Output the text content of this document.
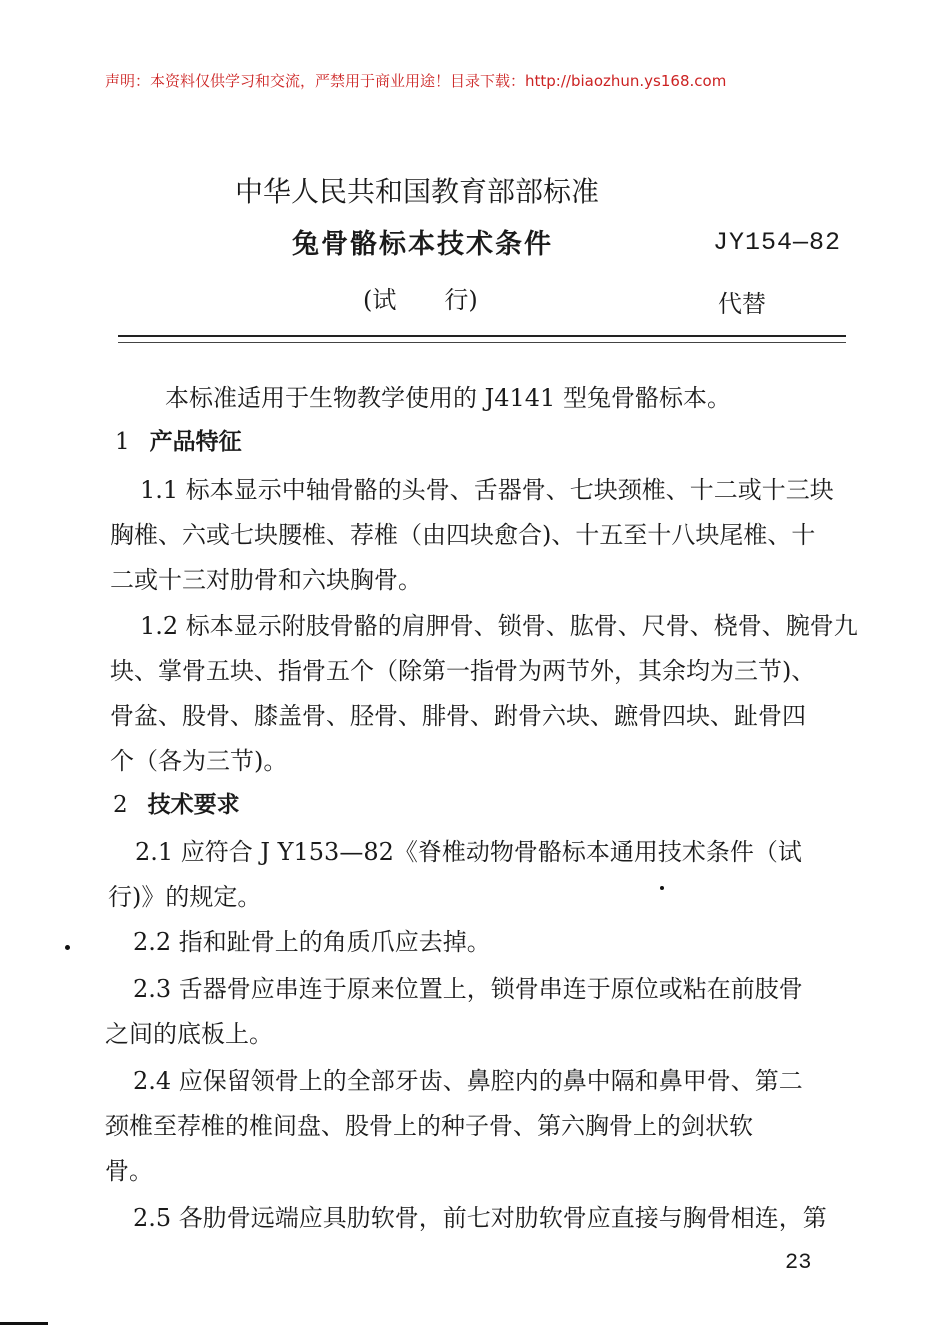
声明：本资料仅供学习和交流，严禁用于商业用途！目录下载：http://biaozhun.ys168.com
中华人民共和国教育部部标准
兔骨骼标本技术条件	JY154—82
(试 行)	代替
本标准适用于生物教学使用的 J4141 型兔骨骼标本。
1 产品特征
1.1 标本显示中轴骨骼的头骨、舌器骨、七块颈椎、十二或十三块
胸椎、六或七块腰椎、荐椎（由四块愈合)、十五至十八块尾椎、十
二或十三对肋骨和六块胸骨。
1.2 标本显示附肢骨骼的肩胛骨、锁骨、肱骨、尺骨、桡骨、腕骨九
块、掌骨五块、指骨五个（除第一指骨为两节外，其余均为三节)、
骨盆、股骨、膝盖骨、胫骨、腓骨、跗骨六块、蹠骨四块、趾骨四
个（各为三节)。
2 技术要求
2.1 应符合 J Y153—82《脊椎动物骨骼标本通用技术条件（试
行)》的规定。
2.2 指和趾骨上的角质爪应去掉。
2.3 舌器骨应串连于原来位置上，锁骨串连于原位或粘在前肢骨
之间的底板上。
2.4 应保留领骨上的全部牙齿、鼻腔内的鼻中隔和鼻甲骨、第二
颈椎至荐椎的椎间盘、股骨上的种子骨、第六胸骨上的剑状软
骨。
2.5 各肋骨远端应具肋软骨，前七对肋软骨应直接与胸骨相连，第
23
